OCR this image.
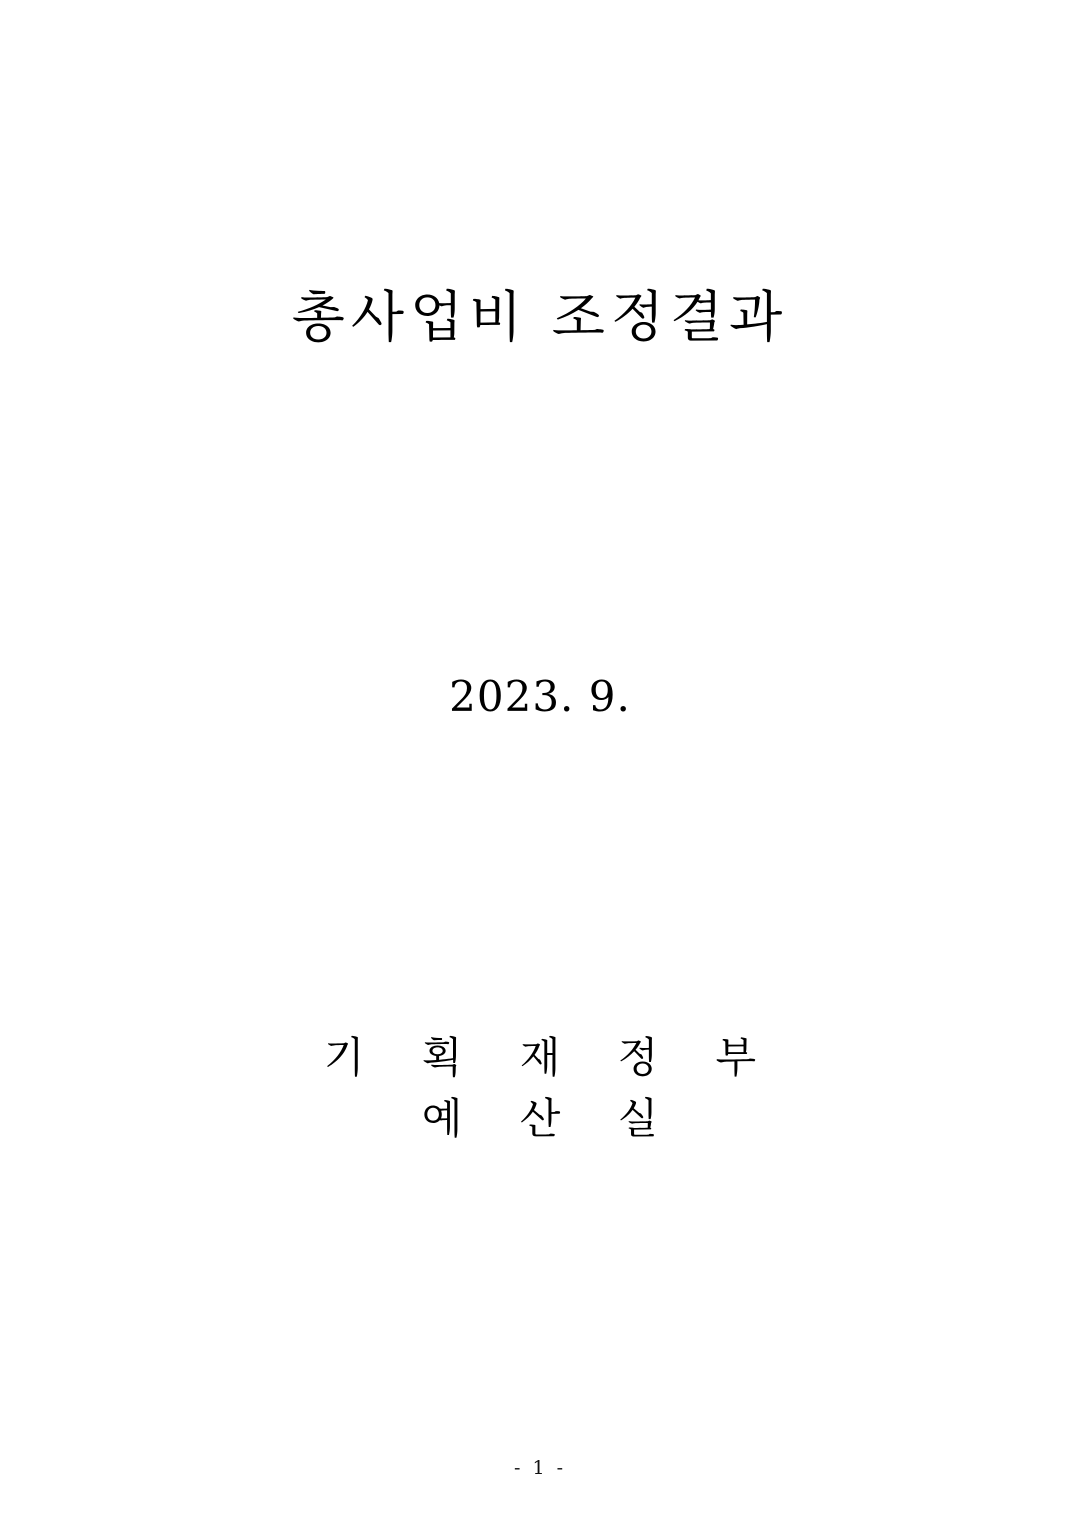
총사업비 조정결과
2023. 9.
기 획 재 정 부
예 산 실
- 1 -
